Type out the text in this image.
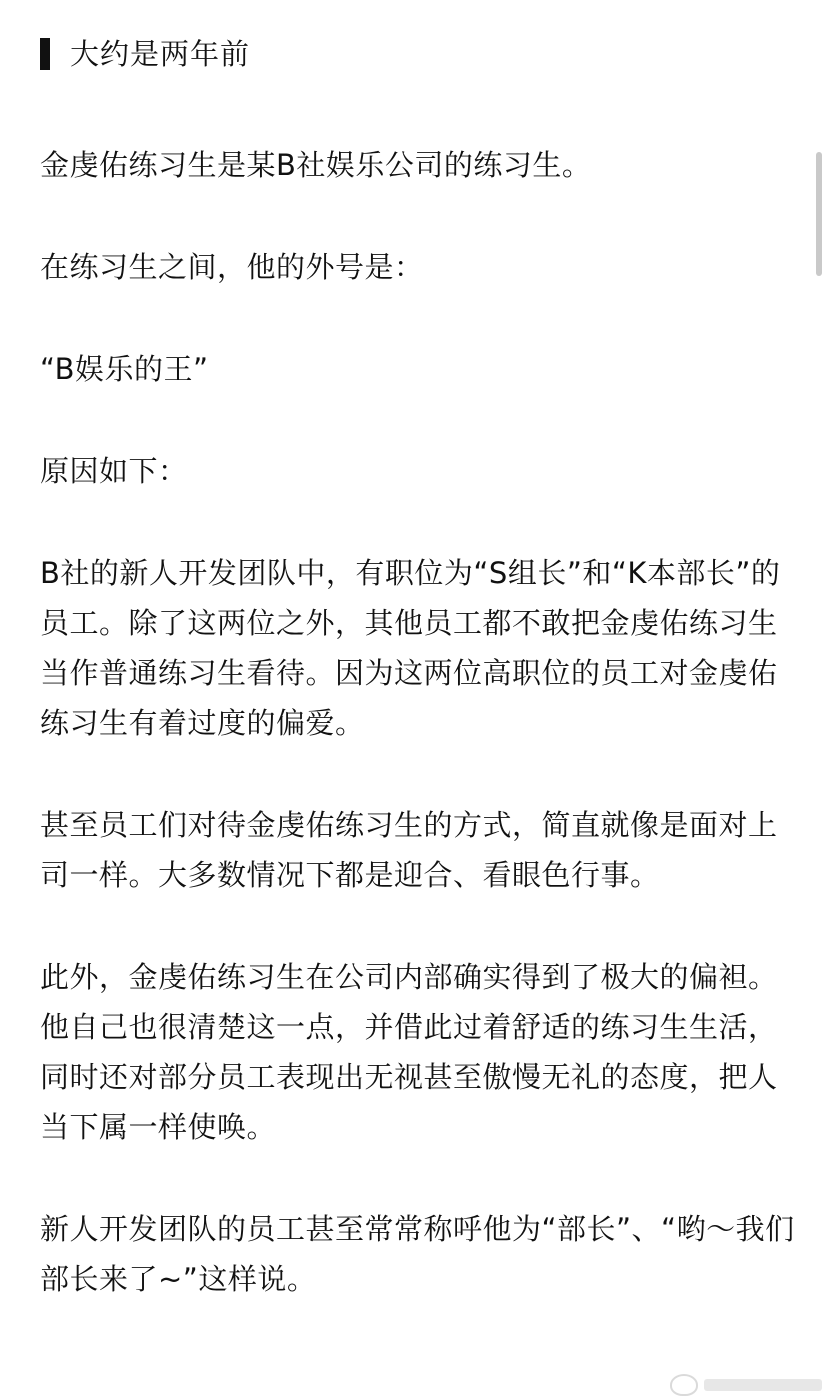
大约是两年前

金虔佑练习生是某B社娱乐公司的练习生。

在练习生之间，他的外号是：

“B娱乐的王”

原因如下：

B社的新人开发团队中，有职位为“S组长”和“K本部长”的员工。除了这两位之外，其他员工都不敢把金虔佑练习生当作普通练习生看待。因为这两位高职位的员工对金虔佑练习生有着过度的偏爱。

甚至员工们对待金虔佑练习生的方式，简直就像是面对上司一样。大多数情况下都是迎合、看眼色行事。

此外，金虔佑练习生在公司内部确实得到了极大的偏袒。他自己也很清楚这一点，并借此过着舒适的练习生生活，同时还对部分员工表现出无视甚至傲慢无礼的态度，把人当下属一样使唤。

新人开发团队的员工甚至常常称呼他为“部长”、“哟～我们部长来了~”这样说。
